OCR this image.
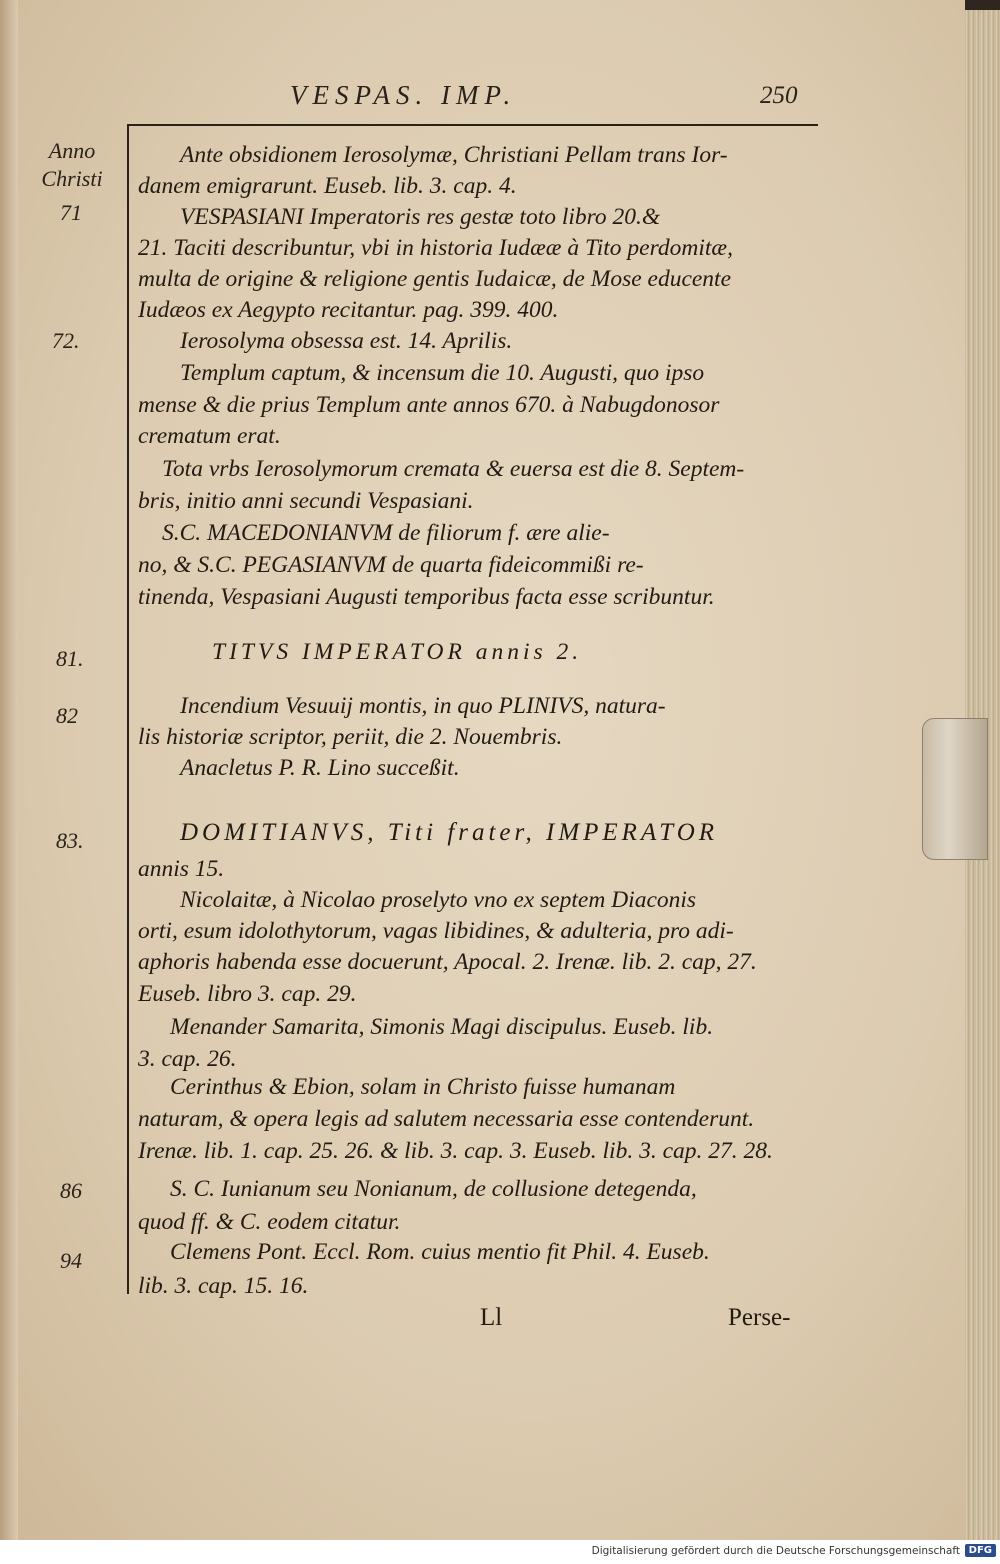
VESPAS. IMP.	250
Anno
Christi
71
72.
81.
82
83.
86
94
Ante obsidionem Ierosolymæ, Christiani Pellam trans Ior-
danem emigrarunt. Euseb. lib. 3. cap. 4.
VESPASIANI Imperatoris res gestæ toto libro 20.&
21. Taciti describuntur, vbi in historia Iudææ à Tito perdomitæ,
multa de origine & religione gentis Iudaicæ, de Mose educente
Iudæos ex Aegypto recitantur. pag. 399. 400.
Ierosolyma obsessa est. 14. Aprilis.
Templum captum, & incensum die 10. Augusti, quo ipso
mense & die prius Templum ante annos 670. à Nabugdonosor
crematum erat.
Tota vrbs Ierosolymorum cremata & euersa est die 8. Septem-
bris, initio anni secundi Vespasiani.
S.C. MACEDONIANVM de filiorum f. ære alie-
no, & S.C. PEGASIANVM de quarta fideicommißi re-
tinenda, Vespasiani Augusti temporibus facta esse scribuntur.
TITVS IMPERATOR annis 2.
Incendium Vesuuij montis, in quo PLINIVS, natura-
lis historiæ scriptor, periit, die 2. Nouembris.
Anacletus P. R. Lino succeßit.
DOMITIANVS, Titi frater, IMPERATOR
annis 15.
Nicolaitæ, à Nicolao proselyto vno ex septem Diaconis
orti, esum idolothytorum, vagas libidines, & adulteria, pro adi-
aphoris habenda esse docuerunt, Apocal. 2. Irenæ. lib. 2. cap, 27.
Euseb. libro 3. cap. 29.
Menander Samarita, Simonis Magi discipulus. Euseb. lib.
3. cap. 26.
Cerinthus & Ebion, solam in Christo fuisse humanam
naturam, & opera legis ad salutem necessaria esse contenderunt.
Irenæ. lib. 1. cap. 25. 26. & lib. 3. cap. 3. Euseb. lib. 3. cap. 27. 28.
S. C. Iunianum seu Nonianum, de collusione detegenda,
quod ff. & C. eodem citatur.
Clemens Pont. Eccl. Rom. cuius mentio fit Phil. 4. Euseb.
lib. 3. cap. 15. 16.
Ll	Perse-
Digitalisierung gefördert durch die Deutsche Forschungsgemeinschaft DFG
